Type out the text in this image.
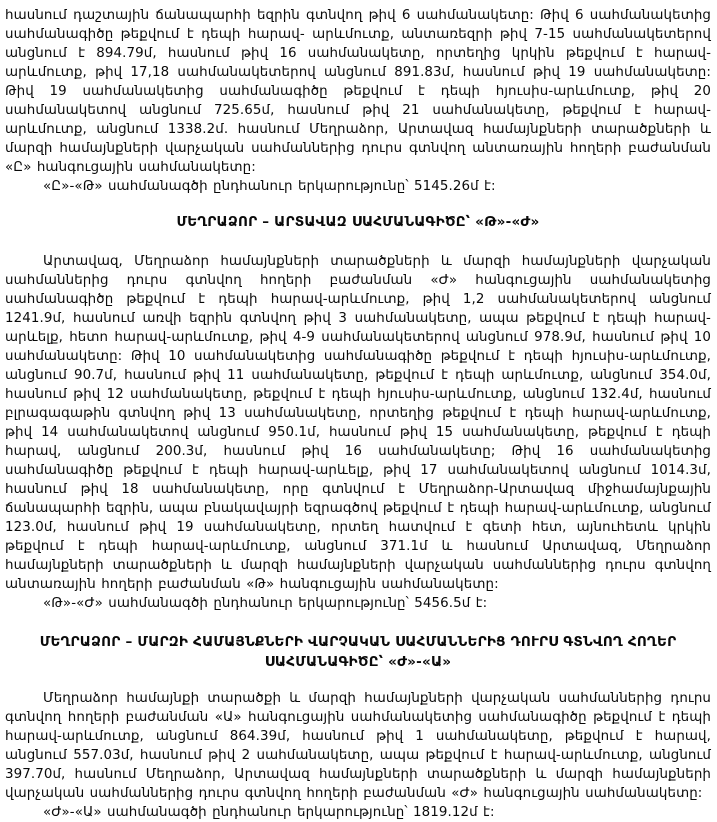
հասնում դաշտային ճանապարհի եզրին գտնվող թիվ 6 սահմանակետը: Թիվ 6 սահմանակետից սահմանագիծը թեքվում է դեպի հարավ- արևմուտք, անտառեզրի թիվ 7-15 սահմանակետերով անցնում է 894.79մ, հասնում թիվ 16 սահմանակետը, որտեղից կրկին թեքվում է հարավ-արևմուտք, թիվ 17,18 սահմանակետերով անցնում 891.83մ, հասնում թիվ 19 սահմանակետը: Թիվ 19 սահմանակետից սահմանագիծը թեքվում է դեպի հյուսիս-արևմուտք, թիվ 20 սահմանակետով անցնում 725.65մ, հասնում թիվ 21 սահմանակետը, թեքվում է հարավ-արևմուտք, անցնում 1338.2մ. հասնում Մեղրաձոր, Արտավազ համայնքների տարածքների և մարզի համայնքների վարչական սահմաններից դուրս գտնվող անտառային հողերի բաժանման «Ը» հանգուցային սահմանակետը:

«Ը»-«Թ» սահմանագծի ընդհանուր երկարությունը՝ 5145.26մ է:

ՄԵՂՐԱՁՈՐ – ԱՐՏԱՎԱԶ ՍԱՀՄԱՆԱԳԻԾԸ՝ «Թ»-«Ժ»

Արտավազ, Մեղրաձոր համայնքների տարածքների և մարզի համայնքների վարչական սահմաններից դուրս գտնվող հողերի բաժանման «Ժ» հանգուցային սահմանակետից սահմանագիծը թեքվում է դեպի հարավ-արևմուտք, թիվ 1,2 սահմանակետերով անցնում 1241.9մ, հասնում առվի եզրին գտնվող թիվ 3 սահմանակետը, ապա թեքվում է դեպի հարավ-արևելք, հետո հարավ-արևմուտք, թիվ 4-9 սահմանակետերով անցնում 978.9մ, հասնում թիվ 10 սահմանակետը: Թիվ 10 սահմանակետից սահմանագիծը թեքվում է դեպի հյուսիս-արևմուտք, անցնում 90.7մ, հասնում թիվ 11 սահմանակետը, թեքվում է դեպի արևմուտք, անցնում 354.0մ, հասնում թիվ 12 սահմանակետը, թեքվում է դեպի հյուսիս-արևմուտք, անցնում 132.4մ, հասնում բլրագագաթին գտնվող թիվ 13 սահմանակետը, որտեղից թեքվում է դեպի հարավ-արևմուտք, թիվ 14 սահմանակետով անցնում 950.1մ, հասնում թիվ 15 սահմանակետը, թեքվում է դեպի հարավ, անցնում 200.3մ, հասնում թիվ 16 սահմանակետը; Թիվ 16 սահմանակետից սահմանագիծը թեքվում է դեպի հարավ-արևելք, թիվ 17 սահմանակետով անցնում 1014.3մ, հասնում թիվ 18 սահմանակետը, որը գտնվում է Մեղրաձոր-Արտավազ միջհամայնքային ճանապարհի եզրին, ապա բնակավայրի եզրագծով թեքվում է դեպի հարավ-արևմուտք, անցնում 123.0մ, հասնում թիվ 19 սահմանակետը, որտեղ հատվում է գետի հետ, այնուհետև կրկին թեքվում է դեպի հարավ-արևմուտք, անցնում 371.1մ և հասնում Արտավազ, Մեղրաձոր համայնքների տարածքների և մարզի համայնքների վարչական սահմաններից դուրս գտնվող անտառային հողերի բաժանման «Թ» հանգուցային սահմանակետը:

«Թ»-«Ժ» սահմանագծի ընդհանուր երկարությունը՝ 5456.5մ է:

ՄԵՂՐԱՁՈՐ – ՄԱՐԶԻ ՀԱՄԱՅՆՔՆԵՐԻ ՎԱՐՉԱԿԱՆ ՍԱՀՄԱՆՆԵՐԻՑ ԴՈՒՐՍ ԳՏՆՎՈՂ ՀՈՂԵՐ ՍԱՀՄԱՆԱԳԻԾԸ՝ «Ժ»-«Ա»

Մեղրաձոր համայնքի տարածքի և մարզի համայնքների վարչական սահմաններից դուրս գտնվող հողերի բաժանման «Ա» հանգուցային սահմանակետից սահմանագիծը թեքվում է դեպի հարավ-արևմուտք, անցնում 864.39մ, հասնում թիվ 1 սահմանակետը, թեքվում է հարավ, անցնում 557.03մ, հասնում թիվ 2 սահմանակետը, ապա թեքվում է հարավ-արևմուտք, անցնում 397.70մ, հասնում Մեղրաձոր, Արտավազ համայնքների տարածքների և մարզի համայնքների վարչական սահմաններից դուրս գտնվող հողերի բաժանման «Ժ» հանգուցային սահմանակետը:

«Ժ»-«Ա» սահմանագծի ընդհանուր երկարությունը՝ 1819.12մ է:
